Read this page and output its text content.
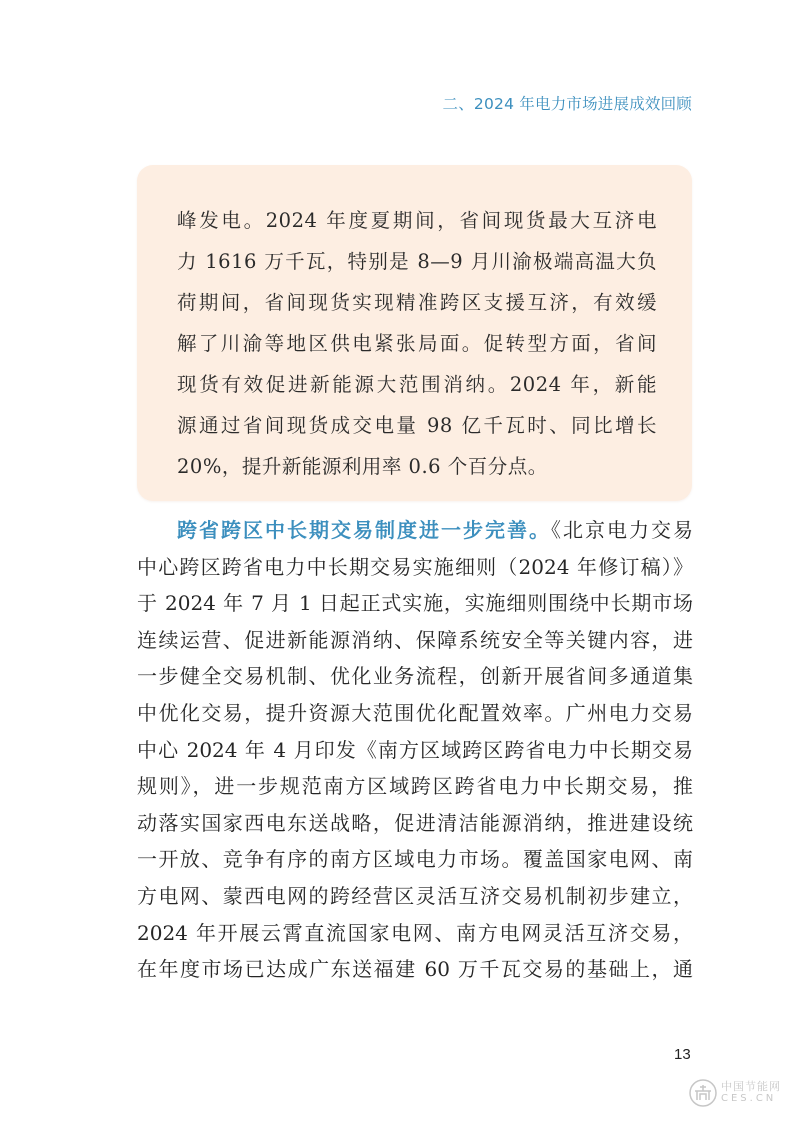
二、2024 年电力市场进展成效回顾
峰发电。2024 年度夏期间，省间现货最大互济电
力 1616 万千瓦，特别是 8—9 月川渝极端高温大负
荷期间，省间现货实现精准跨区支援互济，有效缓
解了川渝等地区供电紧张局面。促转型方面，省间
现货有效促进新能源大范围消纳。2024 年，新能
源通过省间现货成交电量 98 亿千瓦时、同比增长
20%，提升新能源利用率 0.6 个百分点。
跨省跨区中长期交易制度进一步完善。《北京电力交易
中心跨区跨省电力中长期交易实施细则（2024 年修订稿）》
于 2024 年 7 月 1 日起正式实施，实施细则围绕中长期市场
连续运营、促进新能源消纳、保障系统安全等关键内容，进
一步健全交易机制、优化业务流程，创新开展省间多通道集
中优化交易，提升资源大范围优化配置效率。广州电力交易
中心 2024 年 4 月印发《南方区域跨区跨省电力中长期交易
规则》，进一步规范南方区域跨区跨省电力中长期交易，推
动落实国家西电东送战略，促进清洁能源消纳，推进建设统
一开放、竞争有序的南方区域电力市场。覆盖国家电网、南
方电网、蒙西电网的跨经营区灵活互济交易机制初步建立，
2024 年开展云霄直流国家电网、南方电网灵活互济交易，
在年度市场已达成广东送福建 60 万千瓦交易的基础上，通
13
中国节能网
CES.CN
